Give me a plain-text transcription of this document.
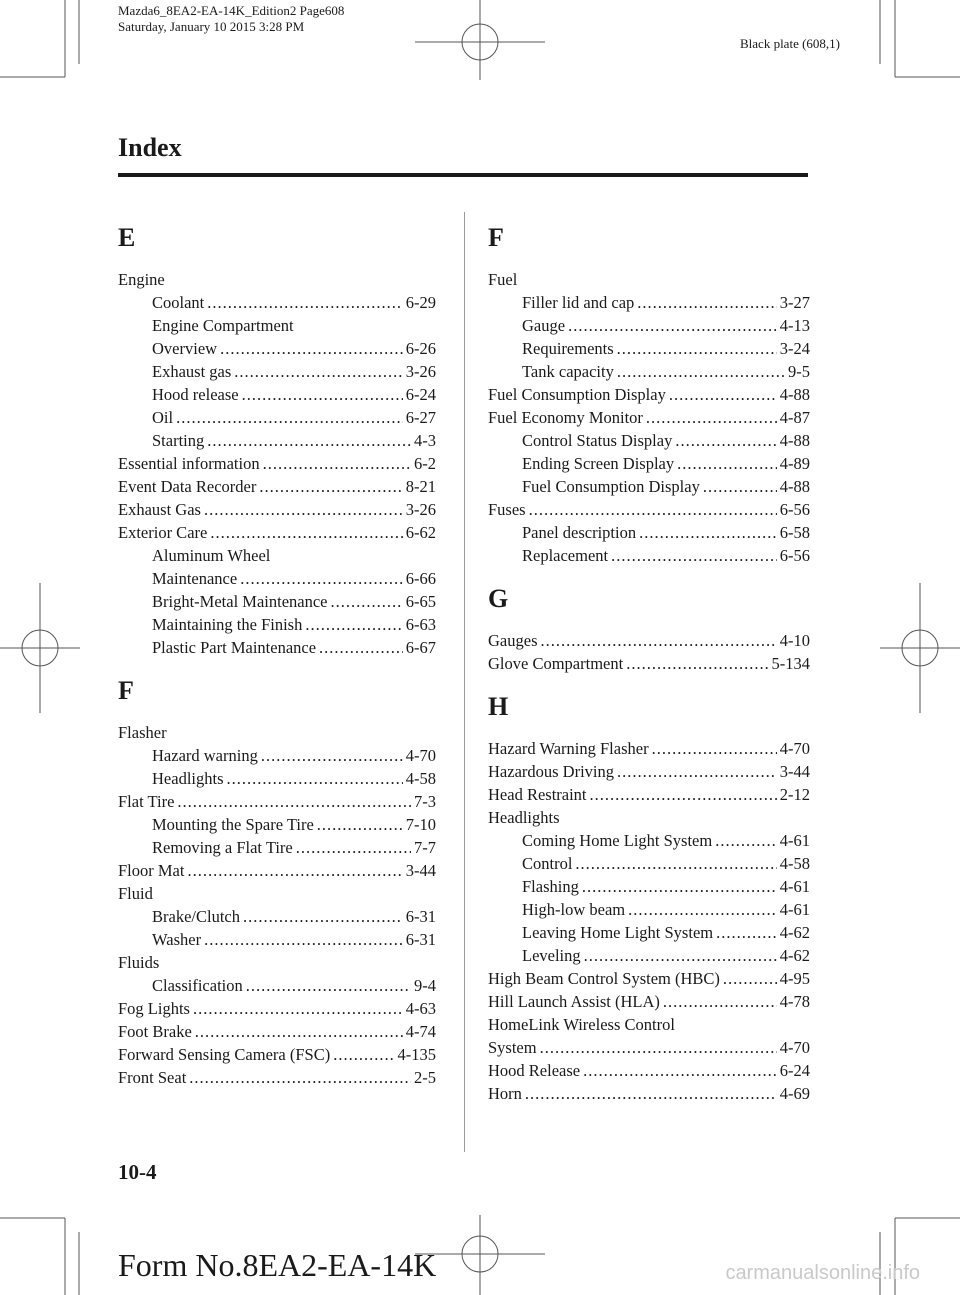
Mazda6_8EA2-EA-14K_Edition2 Page608
Saturday, January 10 2015 3:28 PM
Black plate (608,1)
Index
E
Engine
Coolant .....	6-29
Engine Compartment
Overview .....	6-26
Exhaust gas .....	3-26
Hood release .....	6-24
Oil .....	6-27
Starting .....	4-3
Essential information .....	6-2
Event Data Recorder .....	8-21
Exhaust Gas .....	3-26
Exterior Care .....	6-62
Aluminum Wheel
Maintenance .....	6-66
Bright-Metal Maintenance .....	6-65
Maintaining the Finish .....	6-63
Plastic Part Maintenance .....	6-67
F
Flasher
Hazard warning .....	4-70
Headlights .....	4-58
Flat Tire .....	7-3
Mounting the Spare Tire .....	7-10
Removing a Flat Tire .....	7-7
Floor Mat .....	3-44
Fluid
Brake/Clutch .....	6-31
Washer .....	6-31
Fluids
Classification .....	9-4
Fog Lights .....	4-63
Foot Brake .....	4-74
Forward Sensing Camera (FSC) .....	4-135
Front Seat .....	2-5
F
Fuel
Filler lid and cap .....	3-27
Gauge .....	4-13
Requirements .....	3-24
Tank capacity .....	9-5
Fuel Consumption Display .....	4-88
Fuel Economy Monitor .....	4-87
Control Status Display .....	4-88
Ending Screen Display .....	4-89
Fuel Consumption Display .....	4-88
Fuses .....	6-56
Panel description .....	6-58
Replacement .....	6-56
G
Gauges .....	4-10
Glove Compartment .....	5-134
H
Hazard Warning Flasher .....	4-70
Hazardous Driving .....	3-44
Head Restraint .....	2-12
Headlights
Coming Home Light System .....	4-61
Control .....	4-58
Flashing .....	4-61
High-low beam .....	4-61
Leaving Home Light System .....	4-62
Leveling .....	4-62
High Beam Control System (HBC) .....	4-95
Hill Launch Assist (HLA) .....	4-78
HomeLink Wireless Control
System .....	4-70
Hood Release .....	6-24
Horn .....	4-69
10-4
Form No.8EA2-EA-14K	carmanualsonline.info
